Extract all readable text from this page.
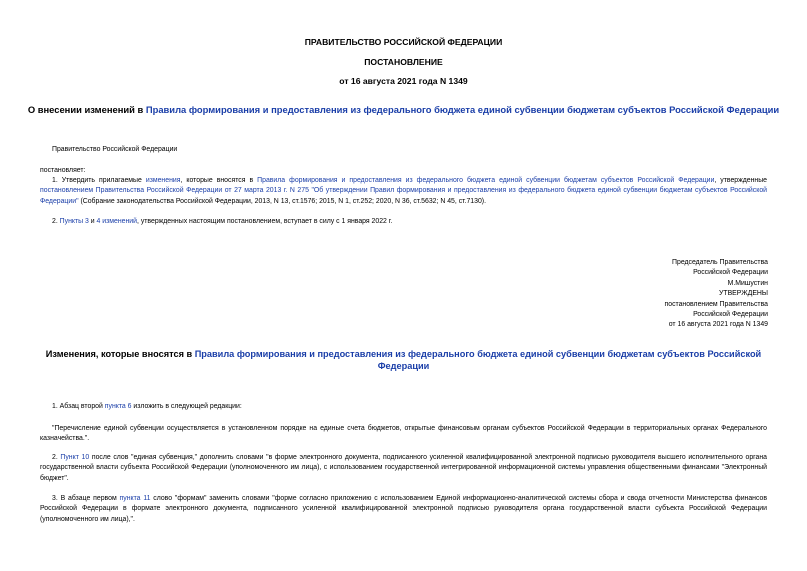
ПРАВИТЕЛЬСТВО РОССИЙСКОЙ ФЕДЕРАЦИИ
ПОСТАНОВЛЕНИЕ
от 16 августа 2021 года N 1349
О внесении изменений в Правила формирования и предоставления из федерального бюджета единой субвенции бюджетам субъектов Российской Федерации
Правительство Российской Федерации
постановляет:
1. Утвердить прилагаемые изменения, которые вносятся в Правила формирования и предоставления из федерального бюджета единой субвенции бюджетам субъектов Российской Федерации, утвержденные постановлением Правительства Российской Федерации от 27 марта 2013 г. N 275 "Об утверждении Правил формирования и предоставления из федерального бюджета единой субвенции бюджетам субъектов Российской Федерации" (Собрание законодательства Российской Федерации, 2013, N 13, ст.1576; 2015, N 1, ст.252; 2020, N 36, ст.5632; N 45, ст.7130).
2. Пункты 3 и 4 изменений, утвержденных настоящим постановлением, вступает в силу с 1 января 2022 г.
Председатель Правительства
Российской Федерации
М.Мишустин
УТВЕРЖДЕНЫ
постановлением Правительства
Российской Федерации
от 16 августа 2021 года N 1349
Изменения, которые вносятся в Правила формирования и предоставления из федерального бюджета единой субвенции бюджетам субъектов Российской Федерации
1. Абзац второй пункта 6 изложить в следующей редакции:
"Перечисление единой субвенции осуществляется в установленном порядке на единые счета бюджетов, открытые финансовым органам субъектов Российской Федерации в территориальных органах Федерального казначейства.".
2. Пункт 10 после слов "единая субвенция," дополнить словами "в форме электронного документа, подписанного усиленной квалифицированной электронной подписью руководителя высшего исполнительного органа государственной власти субъекта Российской Федерации (уполномоченного им лица), с использованием государственной интегрированной информационной системы управления общественными финансами "Электронный бюджет".
3. В абзаце первом пункта 11 слово "формам" заменить словами "форме согласно приложению с использованием Единой информационно-аналитической системы сбора и свода отчетности Министерства финансов Российской Федерации в формате электронного документа, подписанного усиленной квалифицированной электронной подписью руководителя органа государственной власти субъекта Российской Федерации (уполномоченного им лица),".
